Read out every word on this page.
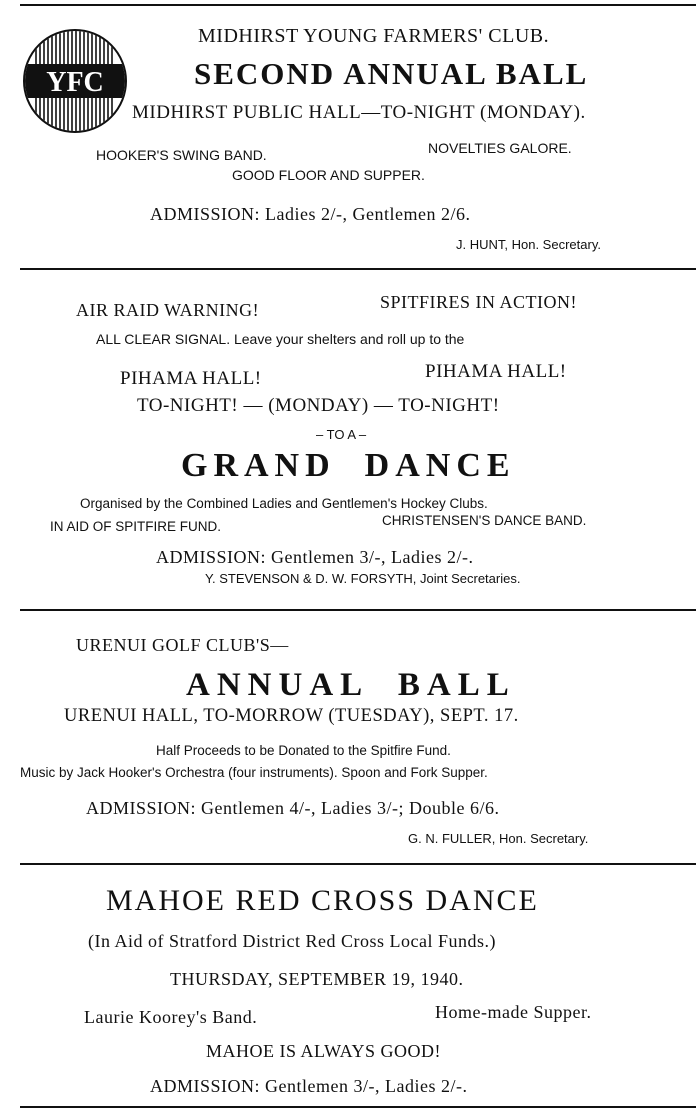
YFC
MIDHIRST YOUNG FARMERS' CLUB.
SECOND ANNUAL BALL
MIDHIRST PUBLIC HALL—TO-NIGHT (MONDAY).
HOOKER'S SWING BAND.	NOVELTIES GALORE.
GOOD FLOOR AND SUPPER.
ADMISSION: Ladies 2/-, Gentlemen 2/6.
J. HUNT, Hon. Secretary.
AIR RAID WARNING!	SPITFIRES IN ACTION!
ALL CLEAR SIGNAL. Leave your shelters and roll up to the
PIHAMA HALL!	PIHAMA HALL!
TO-NIGHT! — (MONDAY) — TO-NIGHT!
– TO A –
GRAND  DANCE
Organised by the Combined Ladies and Gentlemen's Hockey Clubs.
IN AID OF SPITFIRE FUND.	CHRISTENSEN'S DANCE BAND.
ADMISSION: Gentlemen 3/-, Ladies 2/-.
Y. STEVENSON & D. W. FORSYTH, Joint Secretaries.
URENUI GOLF CLUB'S—
ANNUAL  BALL
URENUI HALL, TO-MORROW (TUESDAY), SEPT. 17.
Half Proceeds to be Donated to the Spitfire Fund.
Music by Jack Hooker's Orchestra (four instruments). Spoon and Fork Supper.
ADMISSION: Gentlemen 4/-, Ladies 3/-; Double 6/6.
G. N. FULLER, Hon. Secretary.
MAHOE RED CROSS DANCE
(In Aid of Stratford District Red Cross Local Funds.)
THURSDAY, SEPTEMBER 19, 1940.
Laurie Koorey's Band.	Home-made Supper.
MAHOE IS ALWAYS GOOD!
ADMISSION: Gentlemen 3/-, Ladies 2/-.
